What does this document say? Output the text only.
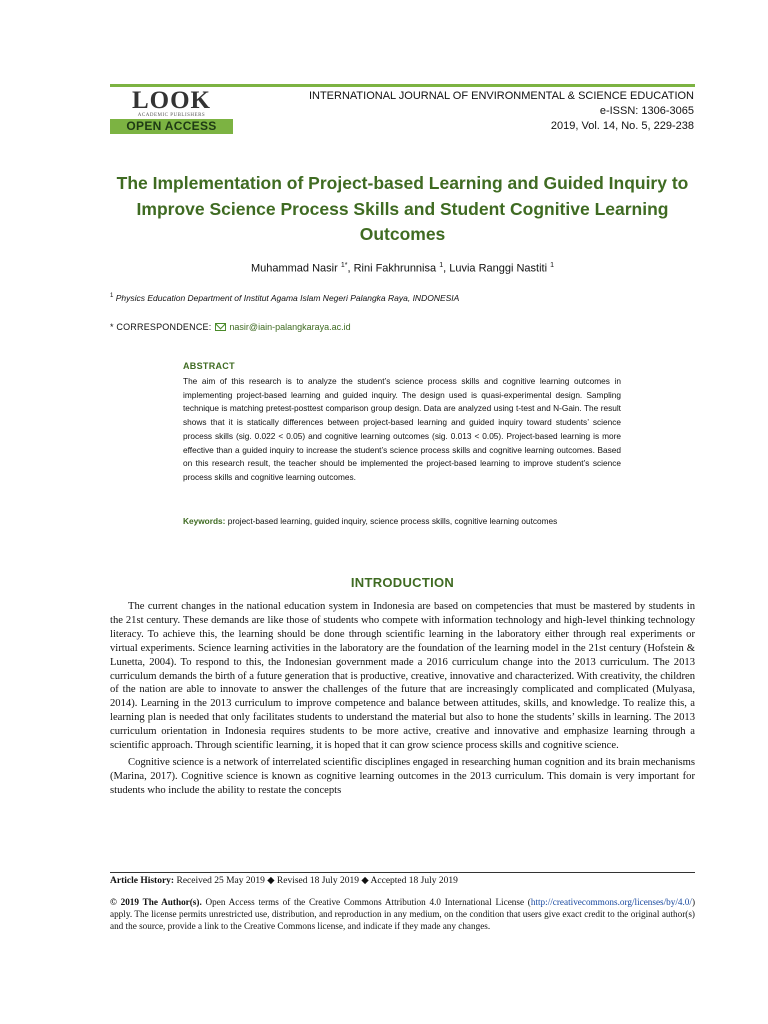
LOOK
ACADEMIC PUBLISHERS
OPEN ACCESS
INTERNATIONAL JOURNAL OF ENVIRONMENTAL & SCIENCE EDUCATION
e-ISSN: 1306-3065
2019, Vol. 14, No. 5, 229-238
The Implementation of Project-based Learning and Guided Inquiry to Improve Science Process Skills and Student Cognitive Learning Outcomes
Muhammad Nasir $^{1*}$, Rini Fakhrunnisa $^1$, Luvia Ranggi Nastiti $^1$
$^1$ Physics Education Department of Institut Agama Islam Negeri Palangka Raya, INDONESIA
* CORRESPONDENCE: nasir@iain-palangkaraya.ac.id
ABSTRACT
The aim of this research is to analyze the student’s science process skills and cognitive learning outcomes in implementing project-based learning and guided inquiry. The design used is quasi-experimental design. Sampling technique is matching pretest-posttest comparison group design. Data are analyzed using t-test and N-Gain. The result shows that it is statically differences between project-based learning and guided inquiry toward students’ science process skills (sig. 0.022 < 0.05) and cognitive learning outcomes (sig. 0.013 < 0.05). Project-based learning is more effective than a guided inquiry to increase the student’s science process skills and cognitive learning outcomes. Based on this research result, the teacher should be implemented the project-based learning to improve student’s science process skills and cognitive learning outcomes.
Keywords: project-based learning, guided inquiry, science process skills, cognitive learning outcomes
INTRODUCTION

The current changes in the national education system in Indonesia are based on competencies that must be mastered by students in the 21st century. These demands are like those of students who compete with information technology and high-level thinking technology literacy. To achieve this, the learning should be done through scientific learning in the laboratory either through real experiments or virtual experiments. Science learning activities in the laboratory are the foundation of the learning model in the 21st century (Hofstein & Lunetta, 2004). To respond to this, the Indonesian government made a 2016 curriculum change into the 2013 curriculum. The 2013 curriculum demands the birth of a future generation that is productive, creative, innovative and characterized. With creativity, the children of the nation are able to innovate to answer the challenges of the future that are increasingly complicated and complicated (Mulyasa, 2014). Learning in the 2013 curriculum to improve competence and balance between attitudes, skills, and knowledge. To realize this, a learning plan is needed that only facilitates students to understand the material but also to hone the students’ skills in learning. The 2013 curriculum orientation in Indonesia requires students to be more active, creative and innovative and emphasize learning through a scientific approach. Through scientific learning, it is hoped that it can grow science process skills and cognitive science.

Cognitive science is a network of interrelated scientific disciplines engaged in researching human cognition and its brain mechanisms (Marina, 2017). Cognitive science is known as cognitive learning outcomes in the 2013 curriculum. This domain is very important for students who include the ability to restate the concepts

Article History: Received 25 May 2019 ◆ Revised 18 July 2019 ◆ Accepted 18 July 2019
© 2019 The Author(s). Open Access terms of the Creative Commons Attribution 4.0 International License (http://creativecommons.org/licenses/by/4.0/) apply. The license permits unrestricted use, distribution, and reproduction in any medium, on the condition that users give exact credit to the original author(s) and the source, provide a link to the Creative Commons license, and indicate if they made any changes.
